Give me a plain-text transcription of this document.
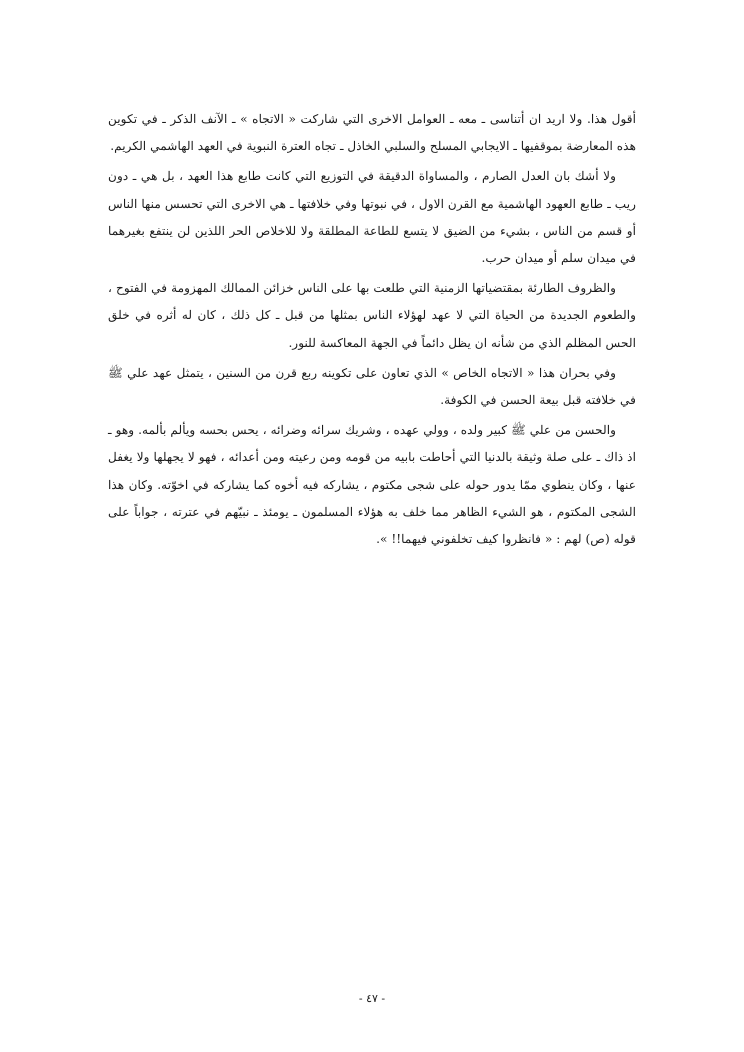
أقول هذا. ولا اريد ان أتناسى ـ معه ـ العوامل الاخرى التي شاركت « الاتجاه » ـ الآنف الذكر ـ في تكوين هذه المعارضة بموقفيها ـ الايجابي المسلح والسلبي الخاذل ـ تجاه العترة النبوية في العهد الهاشمي الكريم.

ولا أشك بان العدل الصارم ، والمساواة الدقيقة في التوزيع التي كانت طابع هذا العهد ، بل هي ـ دون ريب ـ طابع العهود الهاشمية مع القرن الاول ، في نبوتها وفي خلافتها ـ هي الاخرى التي تحسس منها الناس أو قسم من الناس ، بشيء من الضيق لا يتسع للطاعة المطلقة ولا للاخلاص الحر اللذين لن ينتفع بغيرهما في ميدان سلم أو ميدان حرب.

والظروف الطارئة بمقتضياتها الزمنية التي طلعت بها على الناس خزائن الممالك المهزومة في الفتوح ، والطعوم الجديدة من الحياة التي لا عهد لهؤلاء الناس بمثلها من قبل ـ كل ذلك ، كان له أثره في خلق الحس المظلم الذي من شأنه ان يظل دائماً في الجهة المعاكسة للنور.

وفي بحران هذا « الاتجاه الخاص » الذي تعاون على تكوينه ربع قرن من السنين ، يتمثل عهد علي ﷺ في خلافته قبل بيعة الحسن في الكوفة.

والحسن من علي ﷺ كبير ولده ، وولي عهده ، وشريك سرائه وضرائه ، يحس بحسه ويألم بألمه. وهو ـ اذ ذاك ـ على صلة وثيقة بالدنيا التي أحاطت بابيه من قومه ومن رعيته ومن أعدائه ، فهو لا يجهلها ولا يغفل عنها ، وكان ينطوي ممّا يدور حوله على شجى مكتوم ، يشاركه فيه أخوه كما يشاركه في اخوّته. وكان هذا الشجى المكتوم ، هو الشيء الظاهر مما خلف به هؤلاء المسلمون ـ يومئذ ـ نبيّهم في عترته ، جواباً على قوله (ص) لهم : « فانظروا كيف تخلفوني فيهما!! ».

- ٤٧ -
